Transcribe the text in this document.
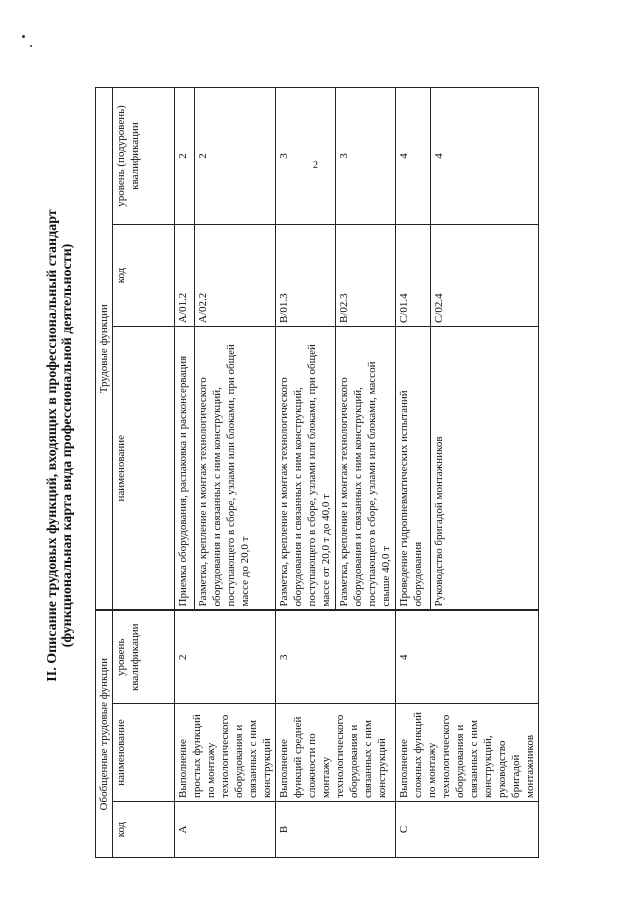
2
II. Описание трудовых функций, входящих в профессиональный стандарт (функциональная карта вида профессиональной деятельности)
Обобщенные трудовые функции			Трудовые функции		
код	наименование	уровень квалификации	наименование	код	уровень (подуровень) квалификации
A	Выполнение простых функций по монтажу технологического оборудования и связанных с ним конструкций	2	Приемка оборудования, распаковка и расконсервация	A/01.2	2
			Разметка, крепление и монтаж технологического оборудования и связанных с ним конструкций, поступающего в сборе, узлами или блоками, при общей массе до 20,0 т	A/02.2	2
B	Выполнение функций средней сложности по монтажу технологического оборудования и связанных с ним конструкций	3	Разметка, крепление и монтаж технологического оборудования и связанных с ним конструкций, поступающего в сборе, узлами или блоками, при общей массе от 20,0 т до 40,0 т	B/01.3	3
			Разметка, крепление и монтаж технологического оборудования и связанных с ним конструкций, поступающего в сборе, узлами или блоками, массой свыше 40,0 т	B/02.3	3
C	Выполнение сложных функций по монтажу технологического оборудования и связанных с ним конструкций, руководство бригадой монтажников	4	Проведение гидропневматических испытаний оборудования	C/01.4	4
			Руководство бригадой монтажников	C/02.4	4
